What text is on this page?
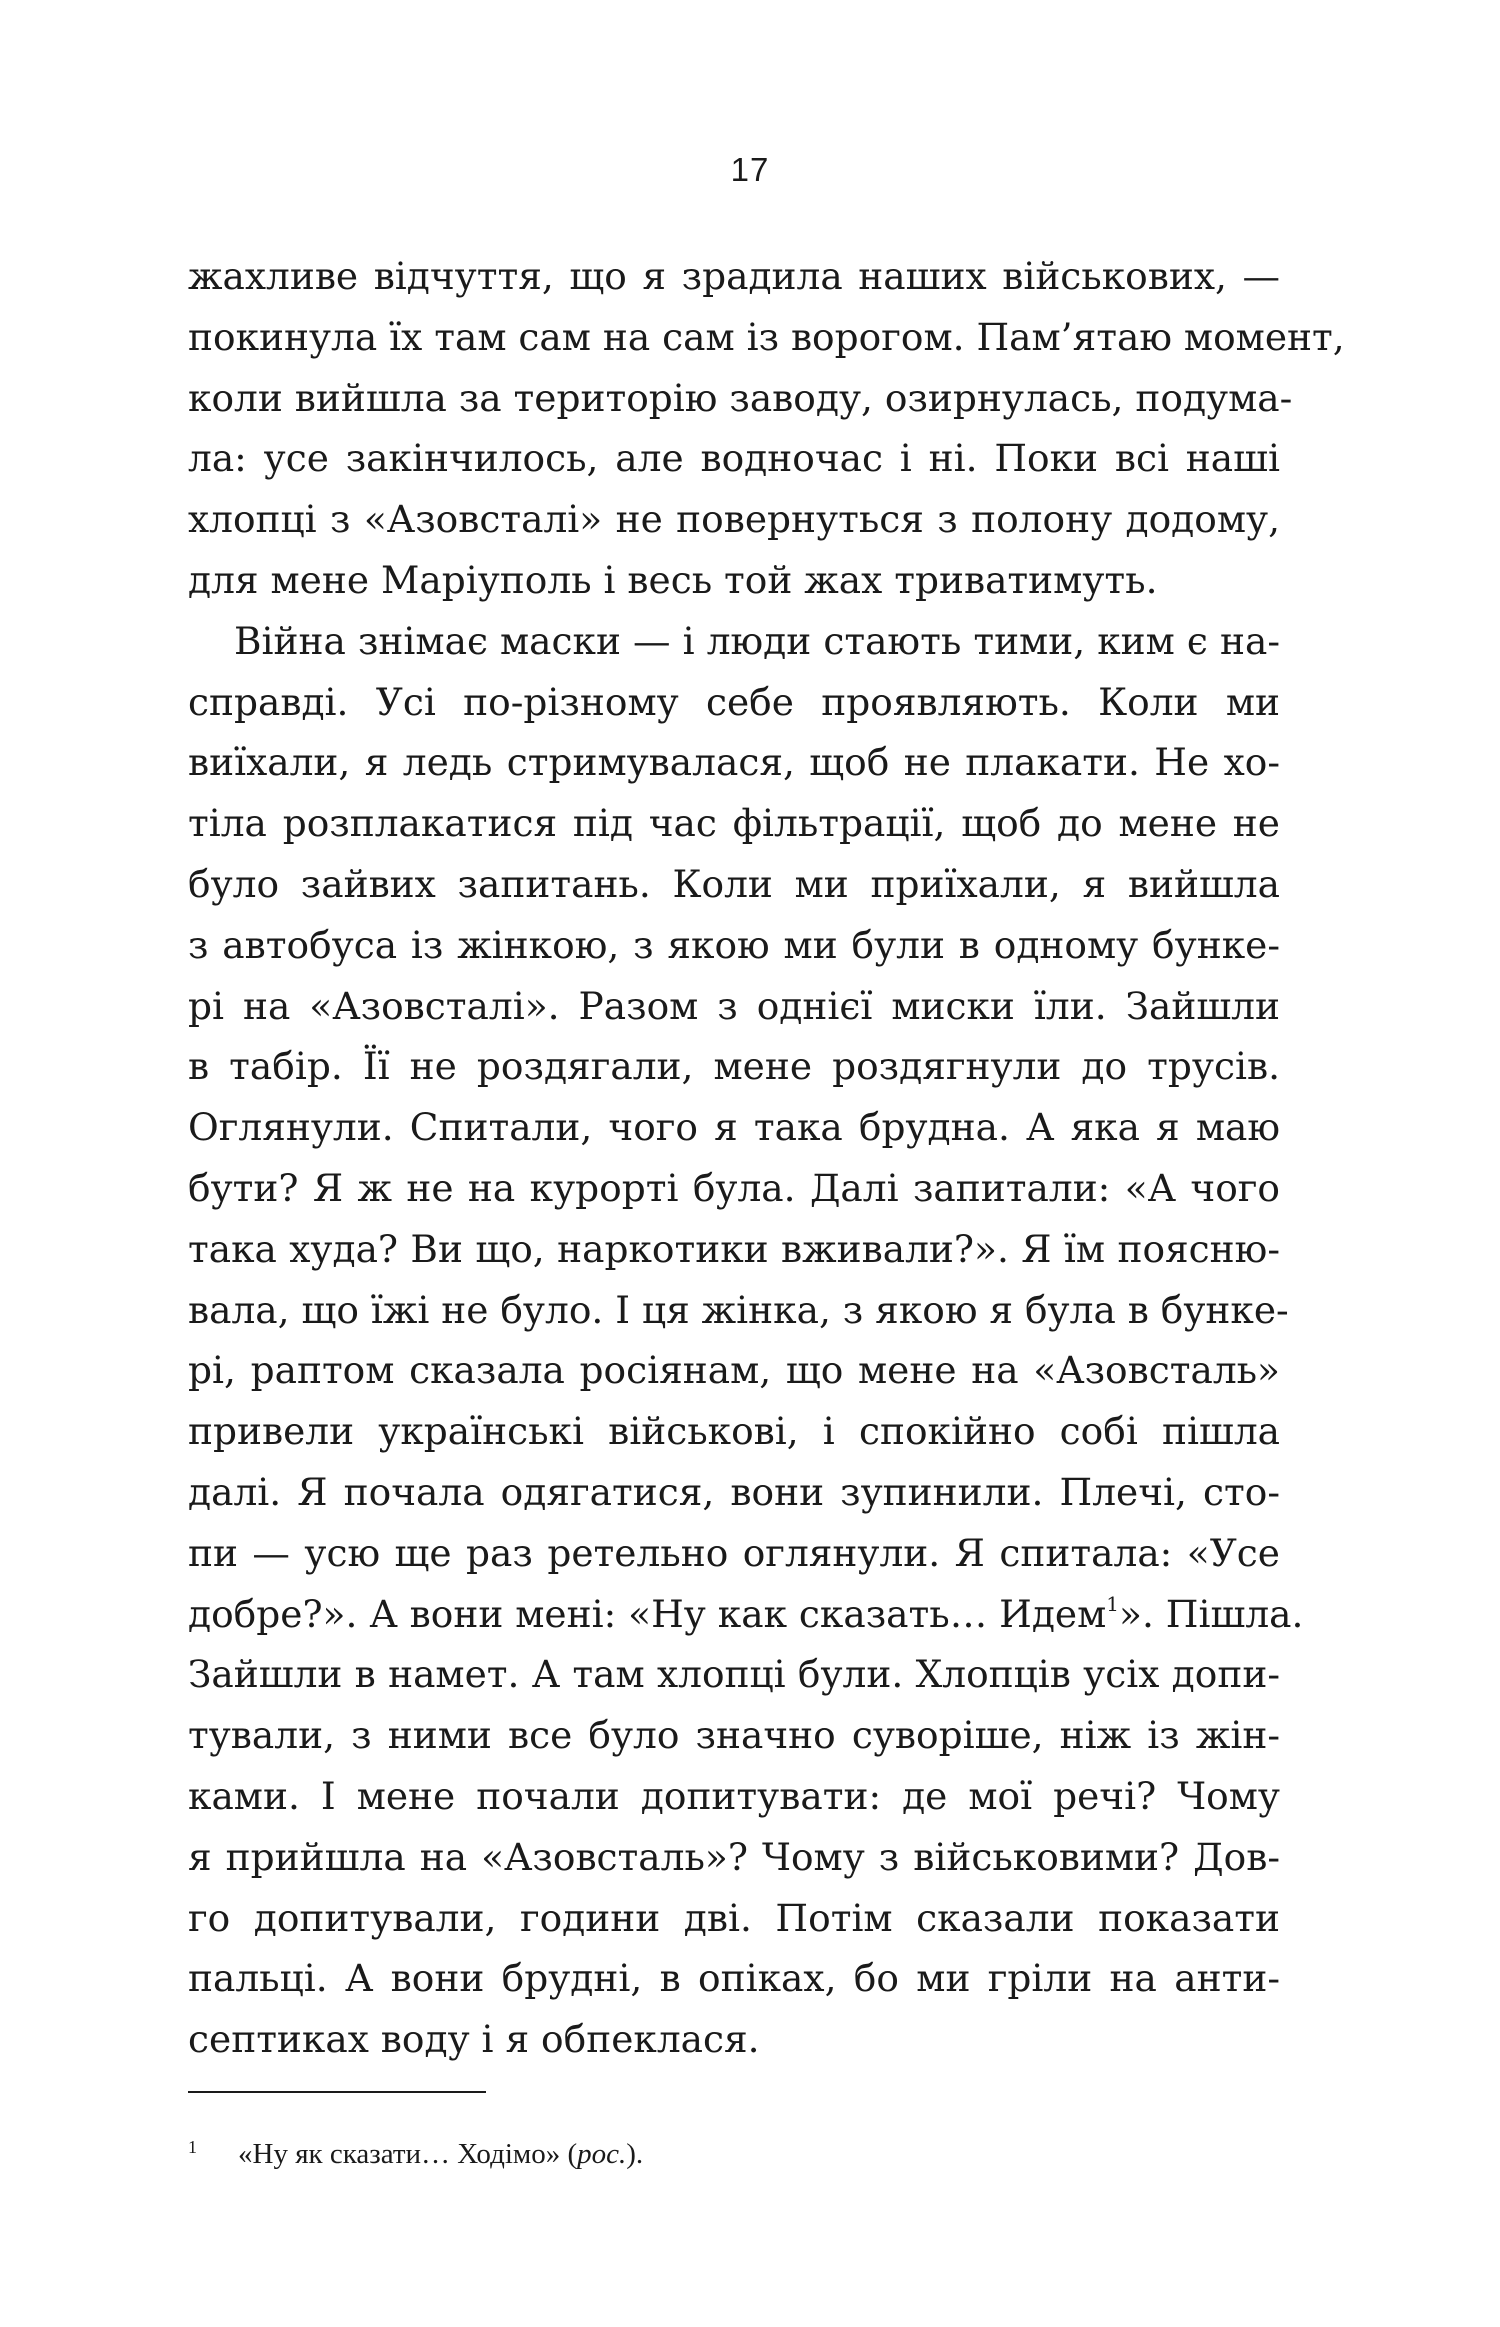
17
жахливе відчуття, що я зрадила наших військових, —
покинула їх там сам на сам із ворогом. Пам’ятаю момент,
коли вийшла за територію заводу, озирнулась, подума-
ла: усе закінчилось, але водночас і ні. Поки всі наші
хлопці з «Азовсталі» не повернуться з полону додому,
для мене Маріуполь і весь той жах триватимуть.
Війна знімає маски — і люди стають тими, ким є на-
справді. Усі по-різному себе проявляють. Коли ми
виїхали, я ледь стримувалася, щоб не плакати. Не хо-
тіла розплакатися під час фільтрації, щоб до мене не
було зайвих запитань. Коли ми приїхали, я вийшла
з автобуса із жінкою, з якою ми були в одному бунке-
рі на «Азовсталі». Разом з однієї миски їли. Зайшли
в табір. Її не роздягали, мене роздягнули до трусів.
Оглянули. Спитали, чого я така брудна. А яка я маю
бути? Я ж не на курорті була. Далі запитали: «А чого
така худа? Ви що, наркотики вживали?». Я їм поясню-
вала, що їжі не було. І ця жінка, з якою я була в бунке-
рі, раптом сказала росіянам, що мене на «Азовсталь»
привели українські військові, і спокійно собі пішла
далі. Я почала одягатися, вони зупинили. Плечі, сто-
пи — усю ще раз ретельно оглянули. Я спитала: «Усе
добре?». А вони мені: «Ну как сказать… Идем$^1$». Пішла.
Зайшли в намет. А там хлопці були. Хлопців усіх допи-
тували, з ними все було значно суворіше, ніж із жін-
ками. І мене почали допитувати: де мої речі? Чому
я прийшла на «Азовсталь»? Чому з військовими? Дов-
го допитували, години дві. Потім сказали показати
пальці. А вони брудні, в опіках, бо ми гріли на анти-
септиках воду і я обпеклася.
1 «Ну як сказати… Ходімо» (рос.).
